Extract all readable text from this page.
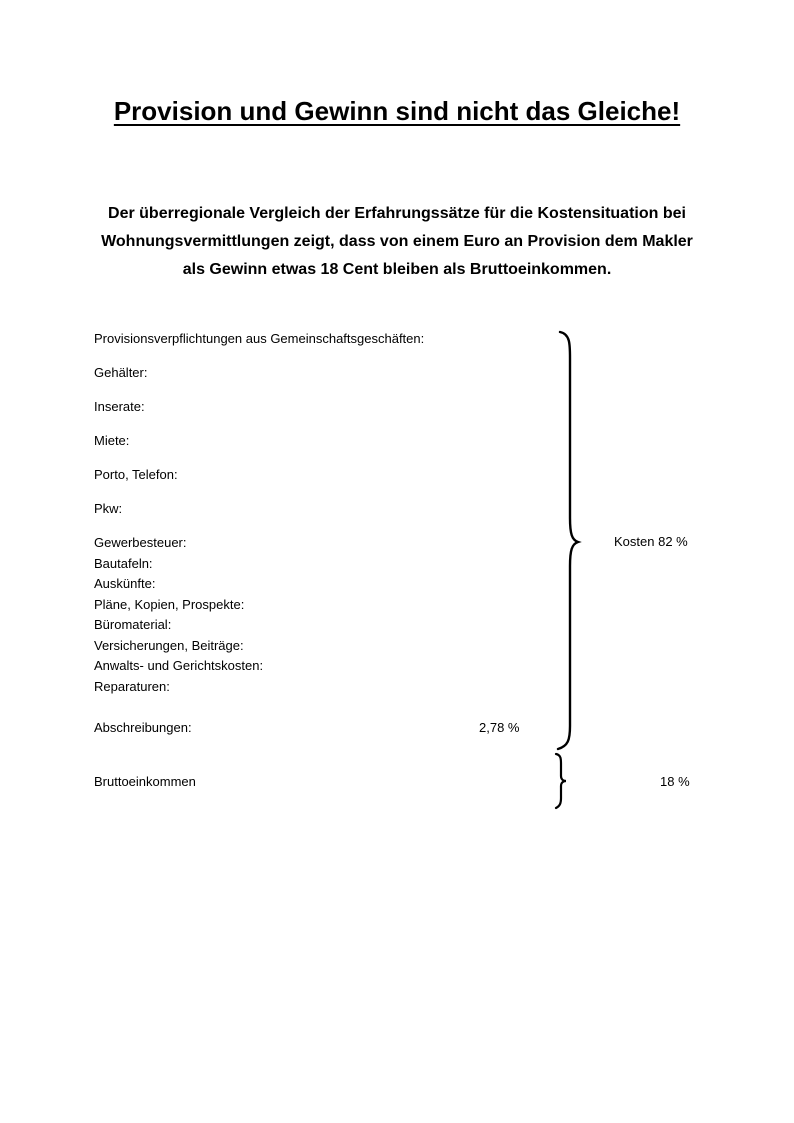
Provision und Gewinn sind nicht das Gleiche!
Der überregionale Vergleich der Erfahrungssätze für die Kostensituation bei
Wohnungsvermittlungen zeigt, dass von einem Euro an Provision dem Makler
als Gewinn etwas 18 Cent bleiben als Bruttoeinkommen.
Provisionsverpflichtungen aus Gemeinschaftsgeschäften:
Gehälter:
Inserate:
Miete:
Porto, Telefon:
Pkw:
Gewerbesteuer:
Bautafeln:
Auskünfte:
Pläne, Kopien, Prospekte:
Büromaterial:
Versicherungen, Beiträge:
Anwalts- und Gerichtskosten:
Reparaturen:
Abschreibungen:	2,78 %
Bruttoeinkommen
Kosten 82 %
18 %
